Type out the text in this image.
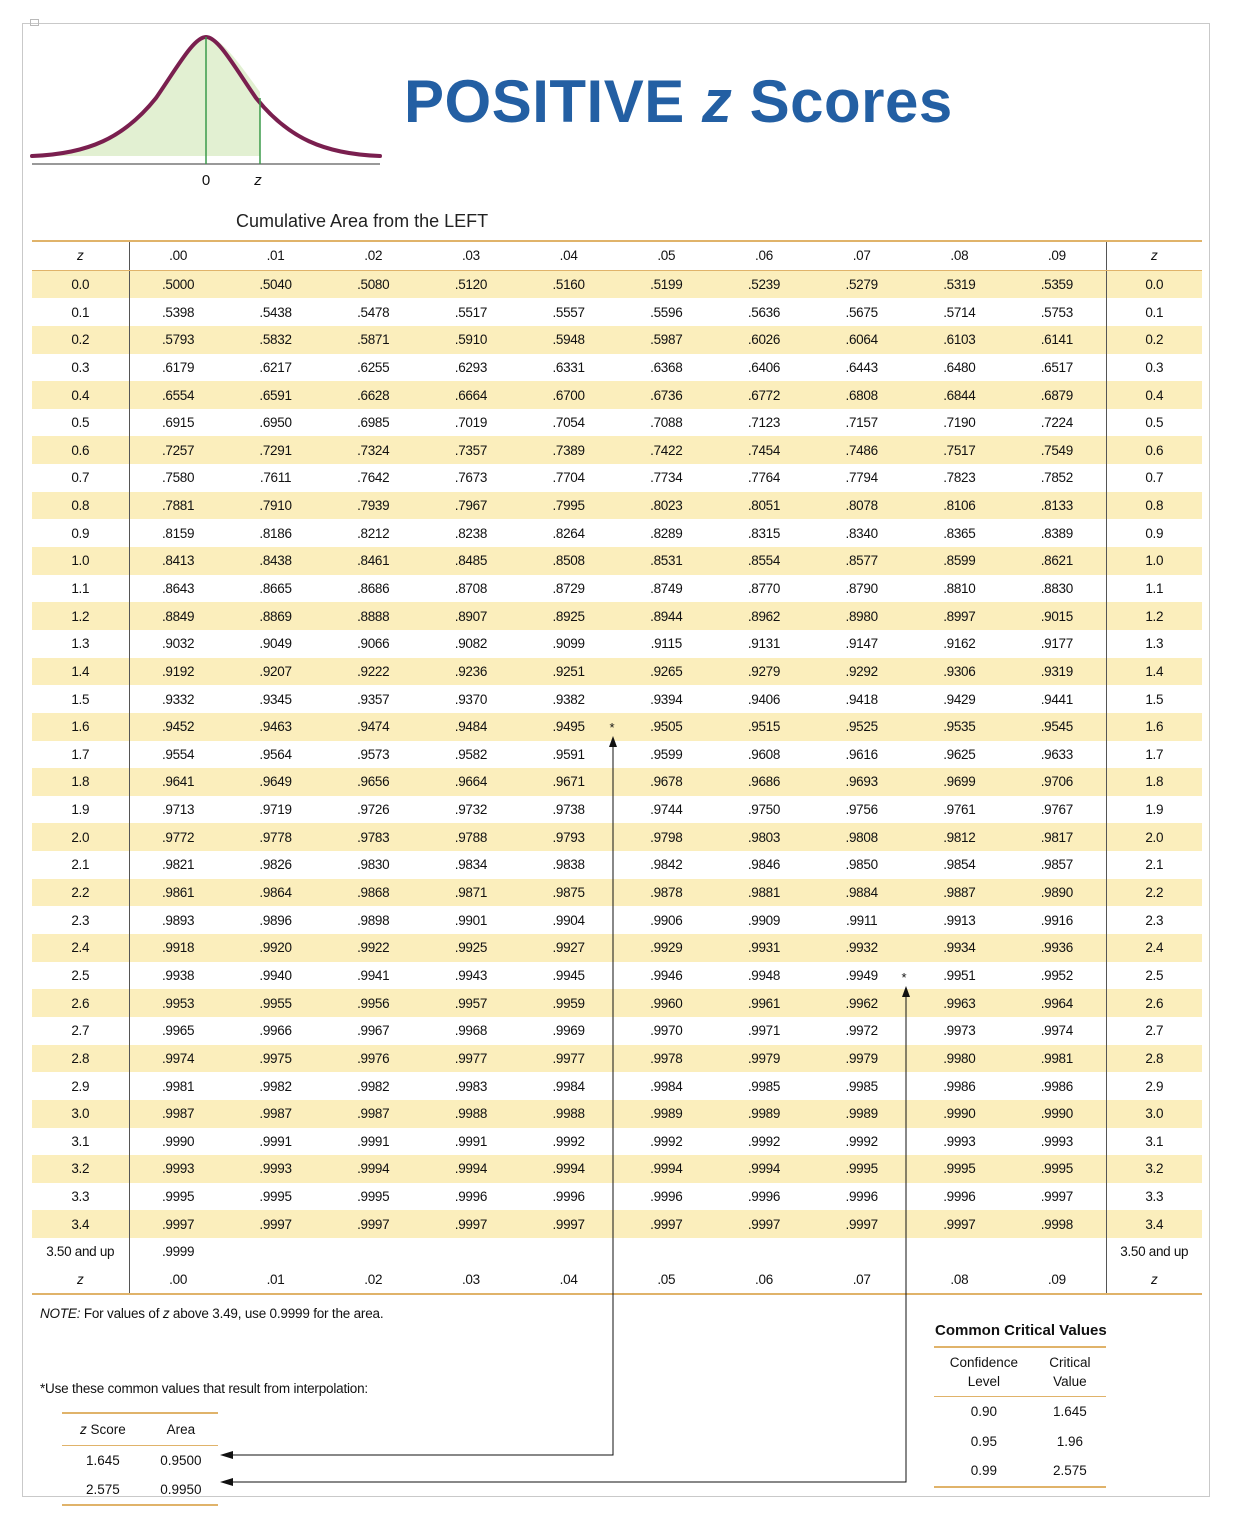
0	z
POSITIVE z Scores
Cumulative Area from the LEFT
z	.00	.01	.02	.03	.04	.05	.06	.07	.08	.09	z
0.0	.5000	.5040	.5080	.5120	.5160	.5199	.5239	.5279	.5319	.5359	0.0
0.1	.5398	.5438	.5478	.5517	.5557	.5596	.5636	.5675	.5714	.5753	0.1
0.2	.5793	.5832	.5871	.5910	.5948	.5987	.6026	.6064	.6103	.6141	0.2
0.3	.6179	.6217	.6255	.6293	.6331	.6368	.6406	.6443	.6480	.6517	0.3
0.4	.6554	.6591	.6628	.6664	.6700	.6736	.6772	.6808	.6844	.6879	0.4
0.5	.6915	.6950	.6985	.7019	.7054	.7088	.7123	.7157	.7190	.7224	0.5
0.6	.7257	.7291	.7324	.7357	.7389	.7422	.7454	.7486	.7517	.7549	0.6
0.7	.7580	.7611	.7642	.7673	.7704	.7734	.7764	.7794	.7823	.7852	0.7
0.8	.7881	.7910	.7939	.7967	.7995	.8023	.8051	.8078	.8106	.8133	0.8
0.9	.8159	.8186	.8212	.8238	.8264	.8289	.8315	.8340	.8365	.8389	0.9
1.0	.8413	.8438	.8461	.8485	.8508	.8531	.8554	.8577	.8599	.8621	1.0
1.1	.8643	.8665	.8686	.8708	.8729	.8749	.8770	.8790	.8810	.8830	1.1
1.2	.8849	.8869	.8888	.8907	.8925	.8944	.8962	.8980	.8997	.9015	1.2
1.3	.9032	.9049	.9066	.9082	.9099	.9115	.9131	.9147	.9162	.9177	1.3
1.4	.9192	.9207	.9222	.9236	.9251	.9265	.9279	.9292	.9306	.9319	1.4
1.5	.9332	.9345	.9357	.9370	.9382	.9394	.9406	.9418	.9429	.9441	1.5
1.6	.9452	.9463	.9474	.9484	.9495	.9505	.9515	.9525	.9535	.9545	1.6
1.7	.9554	.9564	.9573	.9582	.9591	.9599	.9608	.9616	.9625	.9633	1.7
1.8	.9641	.9649	.9656	.9664	.9671	.9678	.9686	.9693	.9699	.9706	1.8
1.9	.9713	.9719	.9726	.9732	.9738	.9744	.9750	.9756	.9761	.9767	1.9
2.0	.9772	.9778	.9783	.9788	.9793	.9798	.9803	.9808	.9812	.9817	2.0
2.1	.9821	.9826	.9830	.9834	.9838	.9842	.9846	.9850	.9854	.9857	2.1
2.2	.9861	.9864	.9868	.9871	.9875	.9878	.9881	.9884	.9887	.9890	2.2
2.3	.9893	.9896	.9898	.9901	.9904	.9906	.9909	.9911	.9913	.9916	2.3
2.4	.9918	.9920	.9922	.9925	.9927	.9929	.9931	.9932	.9934	.9936	2.4
2.5	.9938	.9940	.9941	.9943	.9945	.9946	.9948	.9949	.9951	.9952	2.5
2.6	.9953	.9955	.9956	.9957	.9959	.9960	.9961	.9962	.9963	.9964	2.6
2.7	.9965	.9966	.9967	.9968	.9969	.9970	.9971	.9972	.9973	.9974	2.7
2.8	.9974	.9975	.9976	.9977	.9977	.9978	.9979	.9979	.9980	.9981	2.8
2.9	.9981	.9982	.9982	.9983	.9984	.9984	.9985	.9985	.9986	.9986	2.9
3.0	.9987	.9987	.9987	.9988	.9988	.9989	.9989	.9989	.9990	.9990	3.0
3.1	.9990	.9991	.9991	.9991	.9992	.9992	.9992	.9992	.9993	.9993	3.1
3.2	.9993	.9993	.9994	.9994	.9994	.9994	.9994	.9995	.9995	.9995	3.2
3.3	.9995	.9995	.9995	.9996	.9996	.9996	.9996	.9996	.9996	.9997	3.3
3.4	.9997	.9997	.9997	.9997	.9997	.9997	.9997	.9997	.9997	.9998	3.4
3.50 and up	.9999										3.50 and up
z	.00	.01	.02	.03	.04	.05	.06	.07	.08	.09	z
NOTE: For values of z above 3.49, use 0.9999 for the area.
*Use these common values that result from interpolation:
z Score	Area
1.645	0.9500
2.575	0.9950
Common Critical Values
Confidence Level	Critical Value
0.90	1.645
0.95	1.96
0.99	2.575
*
*
